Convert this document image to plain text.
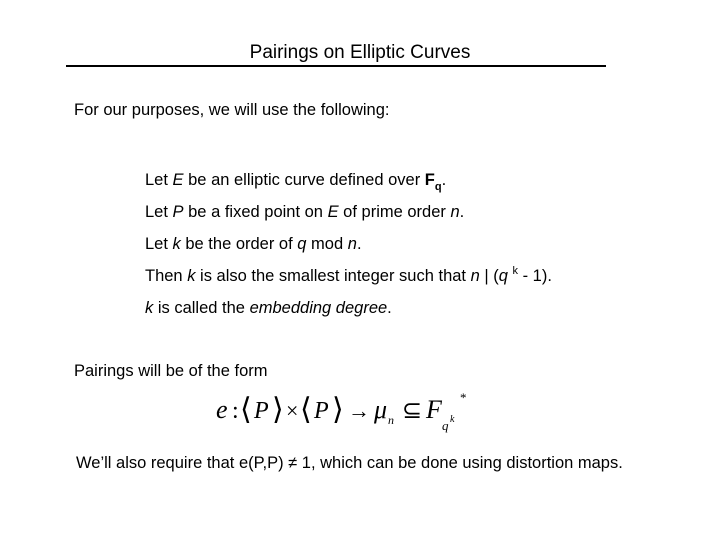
Pairings on Elliptic Curves
For our purposes, we will use the following:
Let E be an elliptic curve defined over $F_q$.
Let P be a fixed point on E of prime order n.
Let k be the order of q mod n.
Then k is also the smallest integer such that n | (q $^k$ - 1).
k is called the embedding degree.
Pairings will be of the form
e : ⟨ P ⟩ × ⟨ P ⟩ → μ n ⊆ F
q k
*
We’ll also require that e(P,P) ≠ 1, which can be done using distortion maps.
